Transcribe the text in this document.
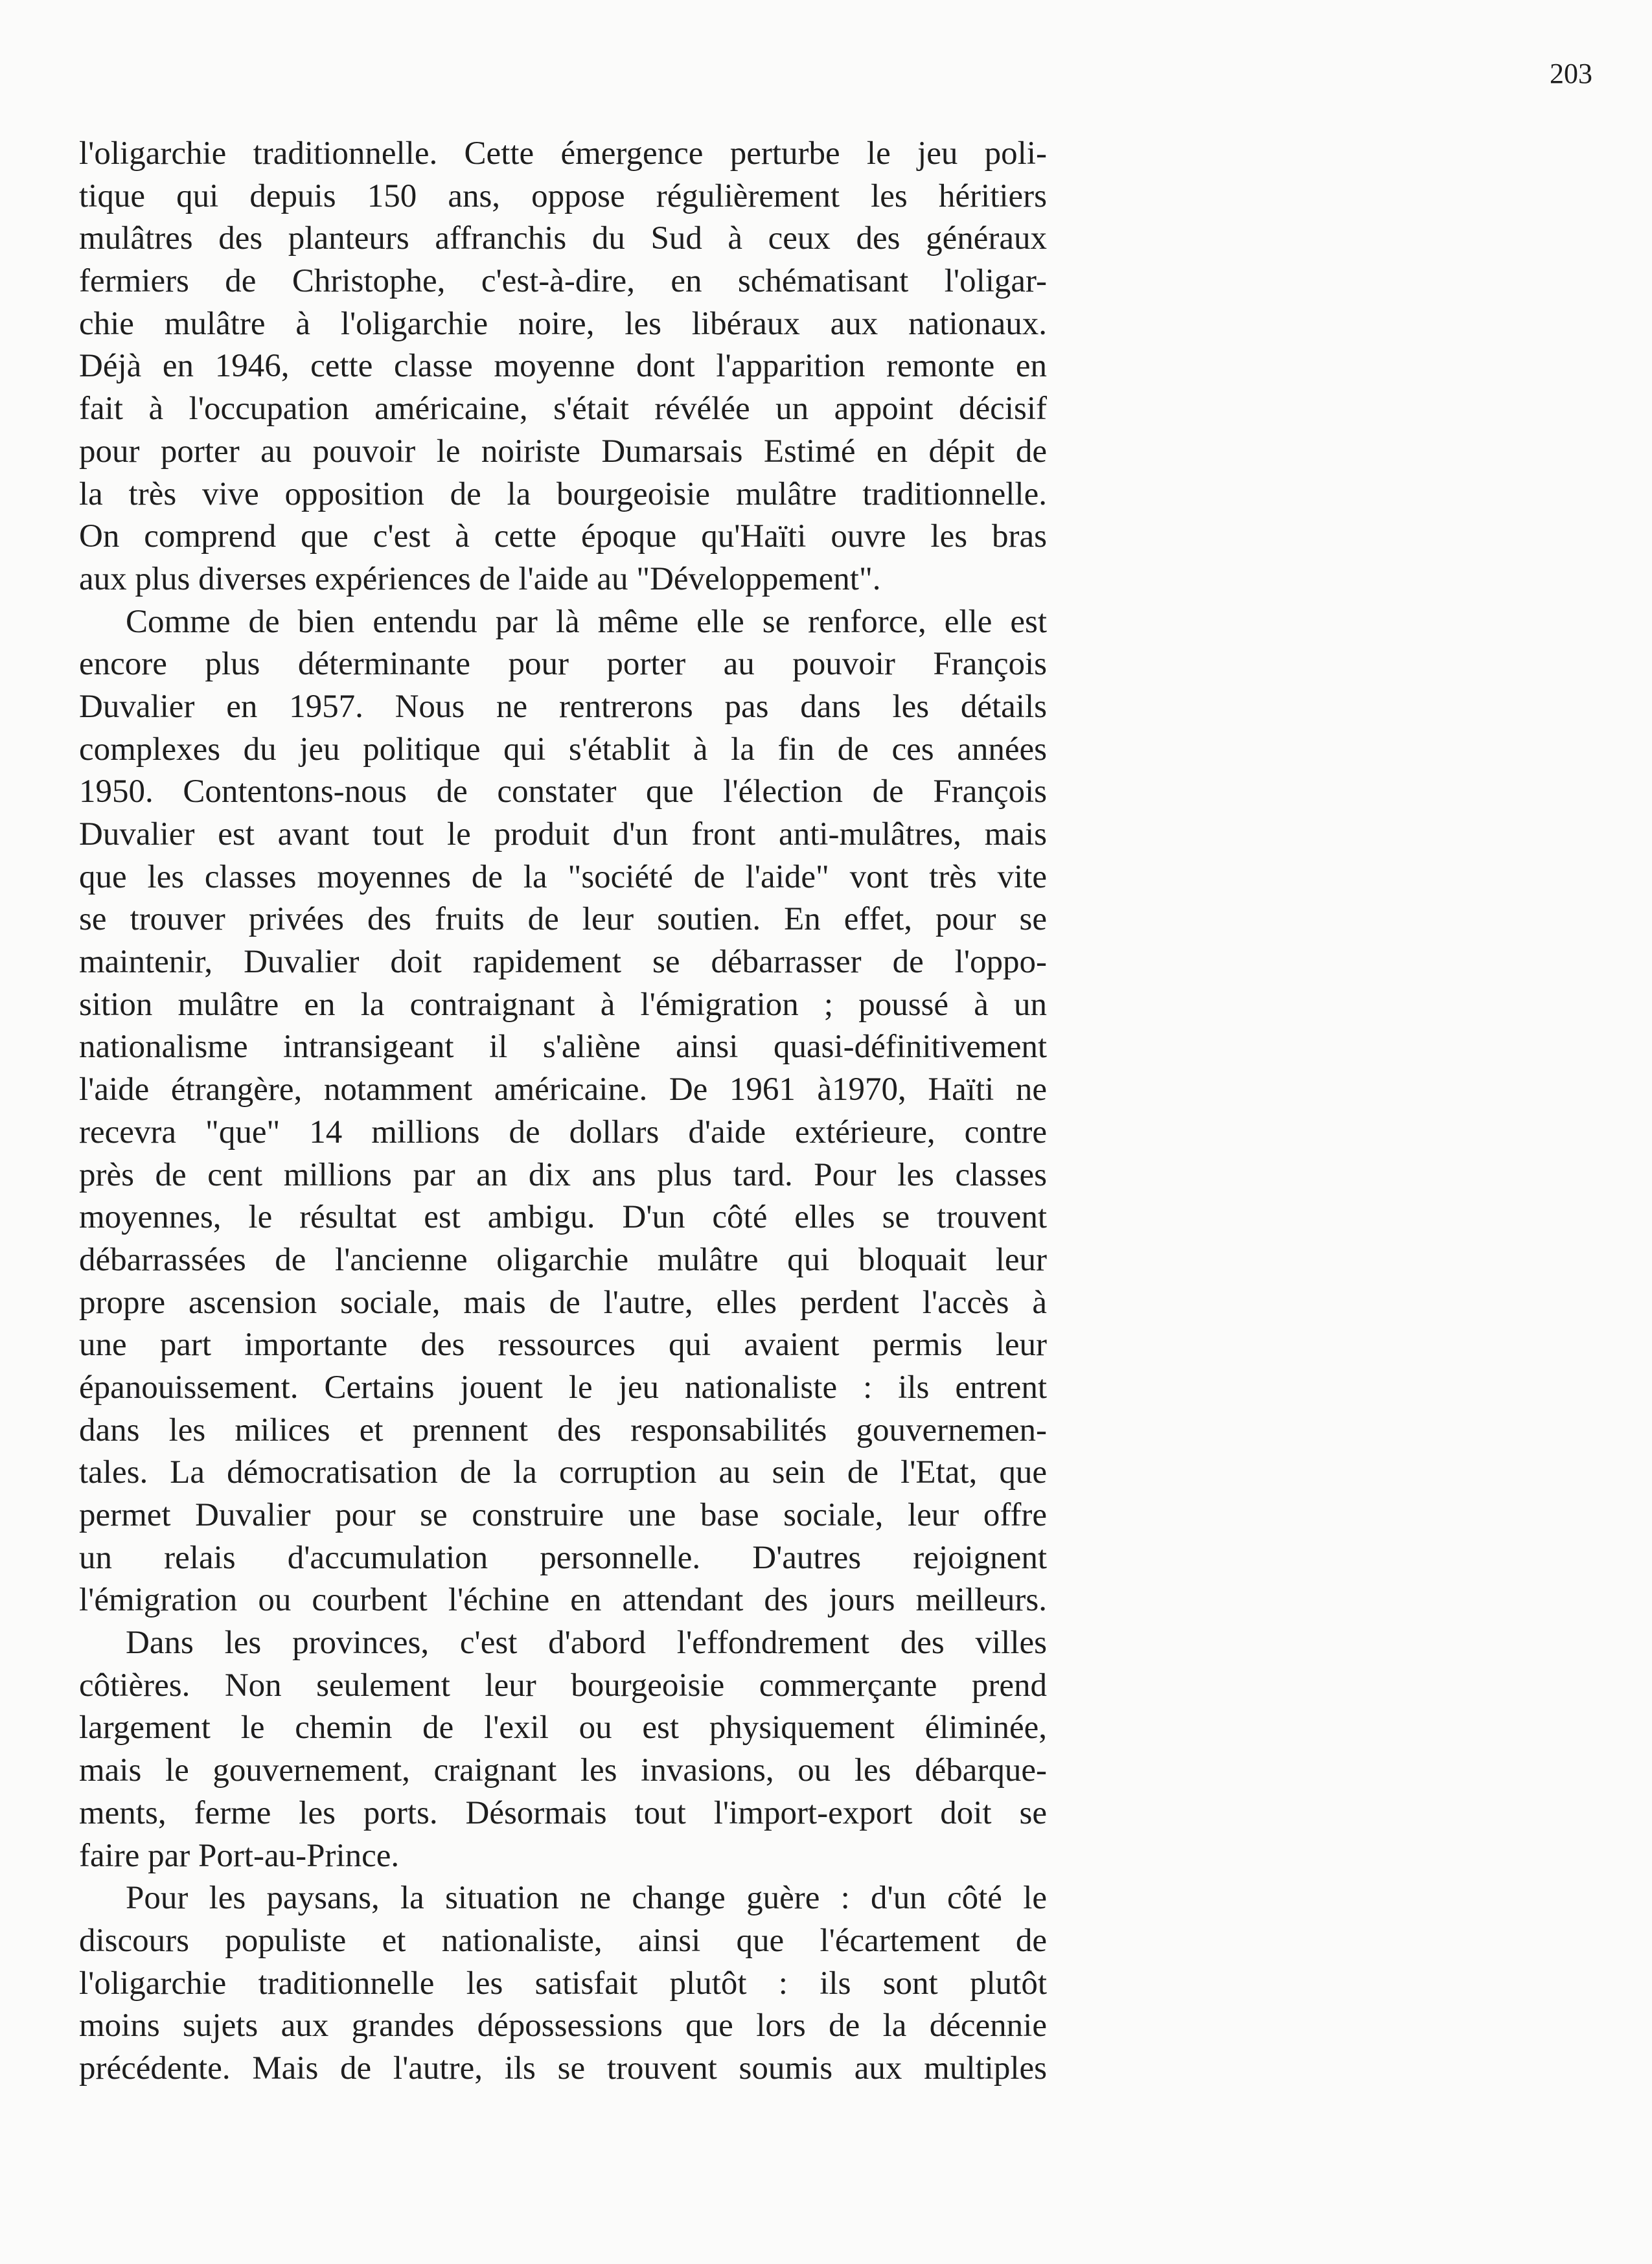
203
l'oligarchie traditionnelle. Cette émergence perturbe le jeu poli-
tique qui depuis 150 ans, oppose régulièrement les héritiers
mulâtres des planteurs affranchis du Sud à ceux des généraux
fermiers de Christophe, c'est-à-dire, en schématisant l'oligar-
chie mulâtre à l'oligarchie noire, les libéraux aux nationaux.
Déjà en 1946, cette classe moyenne dont l'apparition remonte en
fait à l'occupation américaine, s'était révélée un appoint décisif
pour porter au pouvoir le noiriste Dumarsais Estimé en dépit de
la très vive opposition de la bourgeoisie mulâtre traditionnelle.
On comprend que c'est à cette époque qu'Haïti ouvre les bras
aux plus diverses expériences de l'aide au "Développement".
Comme de bien entendu par là même elle se renforce, elle est
encore plus déterminante pour porter au pouvoir François
Duvalier en 1957. Nous ne rentrerons pas dans les détails
complexes du jeu politique qui s'établit à la fin de ces années
1950. Contentons-nous de constater que l'élection de François
Duvalier est avant tout le produit d'un front anti-mulâtres, mais
que les classes moyennes de la "société de l'aide" vont très vite
se trouver privées des fruits de leur soutien. En effet, pour se
maintenir, Duvalier doit rapidement se débarrasser de l'oppo-
sition mulâtre en la contraignant à l'émigration ; poussé à un
nationalisme intransigeant il s'aliène ainsi quasi-définitivement
l'aide étrangère, notamment américaine. De 1961 à1970, Haïti ne
recevra "que" 14 millions de dollars d'aide extérieure, contre
près de cent millions par an dix ans plus tard. Pour les classes
moyennes, le résultat est ambigu. D'un côté elles se trouvent
débarrassées de l'ancienne oligarchie mulâtre qui bloquait leur
propre ascension sociale, mais de l'autre, elles perdent l'accès à
une part importante des ressources qui avaient permis leur
épanouissement. Certains jouent le jeu nationaliste : ils entrent
dans les milices et prennent des responsabilités gouvernemen-
tales. La démocratisation de la corruption au sein de l'Etat, que
permet Duvalier pour se construire une base sociale, leur offre
un relais d'accumulation personnelle. D'autres rejoignent
l'émigration ou courbent l'échine en attendant des jours meilleurs.
Dans les provinces, c'est d'abord l'effondrement des villes
côtières. Non seulement leur bourgeoisie commerçante prend
largement le chemin de l'exil ou est physiquement éliminée,
mais le gouvernement, craignant les invasions, ou les débarque-
ments, ferme les ports. Désormais tout l'import-export doit se
faire par Port-au-Prince.
Pour les paysans, la situation ne change guère : d'un côté le
discours populiste et nationaliste, ainsi que l'écartement de
l'oligarchie traditionnelle les satisfait plutôt : ils sont plutôt
moins sujets aux grandes dépossessions que lors de la décennie
précédente. Mais de l'autre, ils se trouvent soumis aux multiples
